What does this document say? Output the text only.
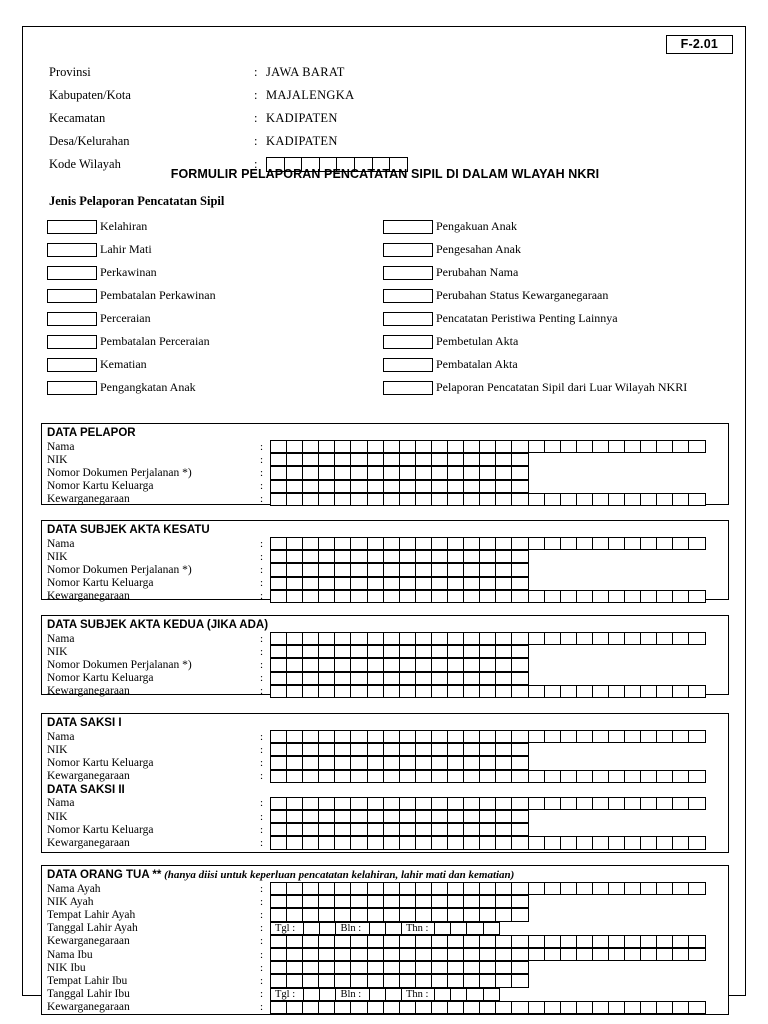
F-2.01
Provinsi	: JAWA BARAT
Kabupaten/Kota	: MAJALENGKA
Kecamatan	: KADIPATEN
Desa/Kelurahan	: KADIPATEN
Kode Wilayah	:
FORMULIR PELAPORAN PENCATATAN SIPIL DI DALAM WLAYAH NKRI
Jenis Pelaporan Pencatatan Sipil
Kelahiran
Lahir Mati
Perkawinan
Pembatalan Perkawinan
Perceraian
Pembatalan Perceraian
Kematian
Pengangkatan Anak
Pengakuan Anak
Pengesahan Anak
Perubahan Nama
Perubahan Status Kewarganegaraan
Pencatatan Peristiwa Penting Lainnya
Pembetulan Akta
Pembatalan Akta
Pelaporan Pencatatan Sipil dari Luar Wilayah NKRI
DATA PELAPOR
Nama	:
NIK	:
Nomor Dokumen Perjalanan *)	:
Nomor Kartu Keluarga	:
Kewarganegaraan	:
DATA SUBJEK AKTA KESATU
Nama	:
NIK	:
Nomor Dokumen Perjalanan *)	:
Nomor Kartu Keluarga	:
Kewarganegaraan	:
DATA SUBJEK AKTA KEDUA (JIKA ADA)
Nama	:
NIK	:
Nomor Dokumen Perjalanan *)	:
Nomor Kartu Keluarga	:
Kewarganegaraan	:
DATA SAKSI I
Nama	:
NIK	:
Nomor Kartu Keluarga	:
Kewarganegaraan	:
DATA SAKSI II
Nama	:
NIK	:
Nomor Kartu Keluarga	:
Kewarganegaraan	:
DATA ORANG TUA ** (hanya diisi untuk keperluan pencatatan kelahiran, lahir mati dan kematian)
Nama Ayah	:
NIK Ayah	:
Tempat Lahir Ayah	:
Tanggal Lahir Ayah	:	Tgl :	Bln :	Thn :
Kewarganegaraan	:
Nama Ibu	:
NIK Ibu	:
Tempat Lahir Ibu	:
Tanggal Lahir Ibu	:	Tgl :	Bln :	Thn :
Kewarganegaraan	:
